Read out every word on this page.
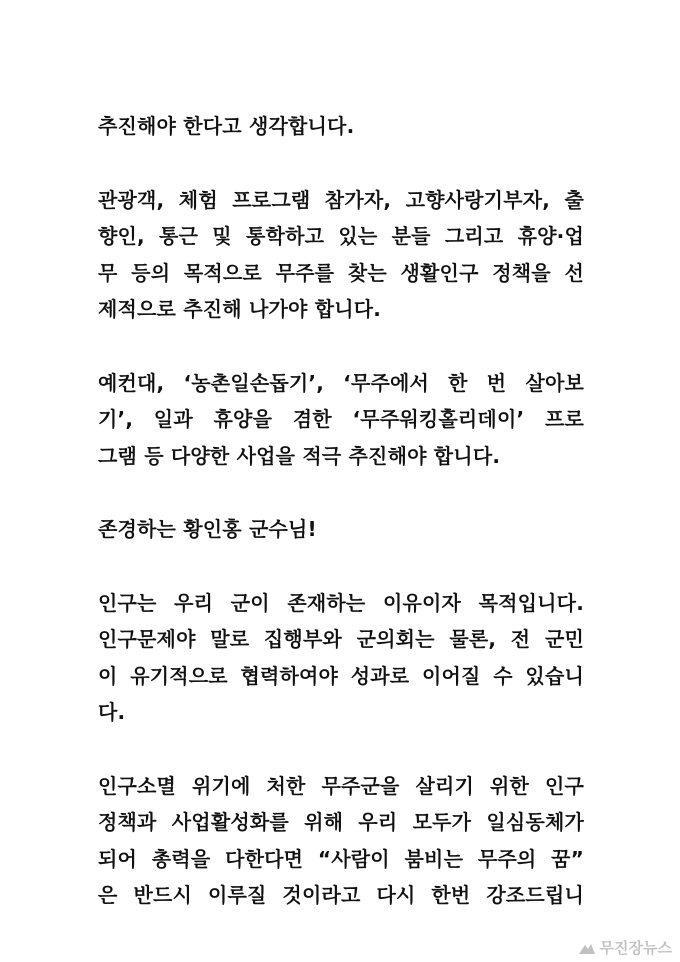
추진해야 한다고 생각합니다.

관광객, 체험 프로그램 참가자, 고향사랑기부자, 출
향인, 통근 및 통학하고 있는 분들 그리고 휴양·업
무 등의 목적으로 무주를 찾는 생활인구 정책을 선
제적으로 추진해 나가야 합니다.

예컨대, ‘농촌일손돕기’, ‘무주에서 한 번 살아보
기’, 일과 휴양을 겸한 ‘무주워킹홀리데이’ 프로
그램 등 다양한 사업을 적극 추진해야 합니다.

존경하는 황인홍 군수님!

인구는 우리 군이 존재하는 이유이자 목적입니다.
인구문제야 말로 집행부와 군의회는 물론, 전 군민
이 유기적으로 협력하여야 성과로 이어질 수 있습니
다.

인구소멸 위기에 처한 무주군을 살리기 위한 인구
정책과 사업활성화를 위해 우리 모두가 일심동체가
되어 총력을 다한다면 “사람이 붐비는 무주의 꿈”
은 반드시 이루질 것이라고 다시 한번 강조드립니

무진장뉴스
